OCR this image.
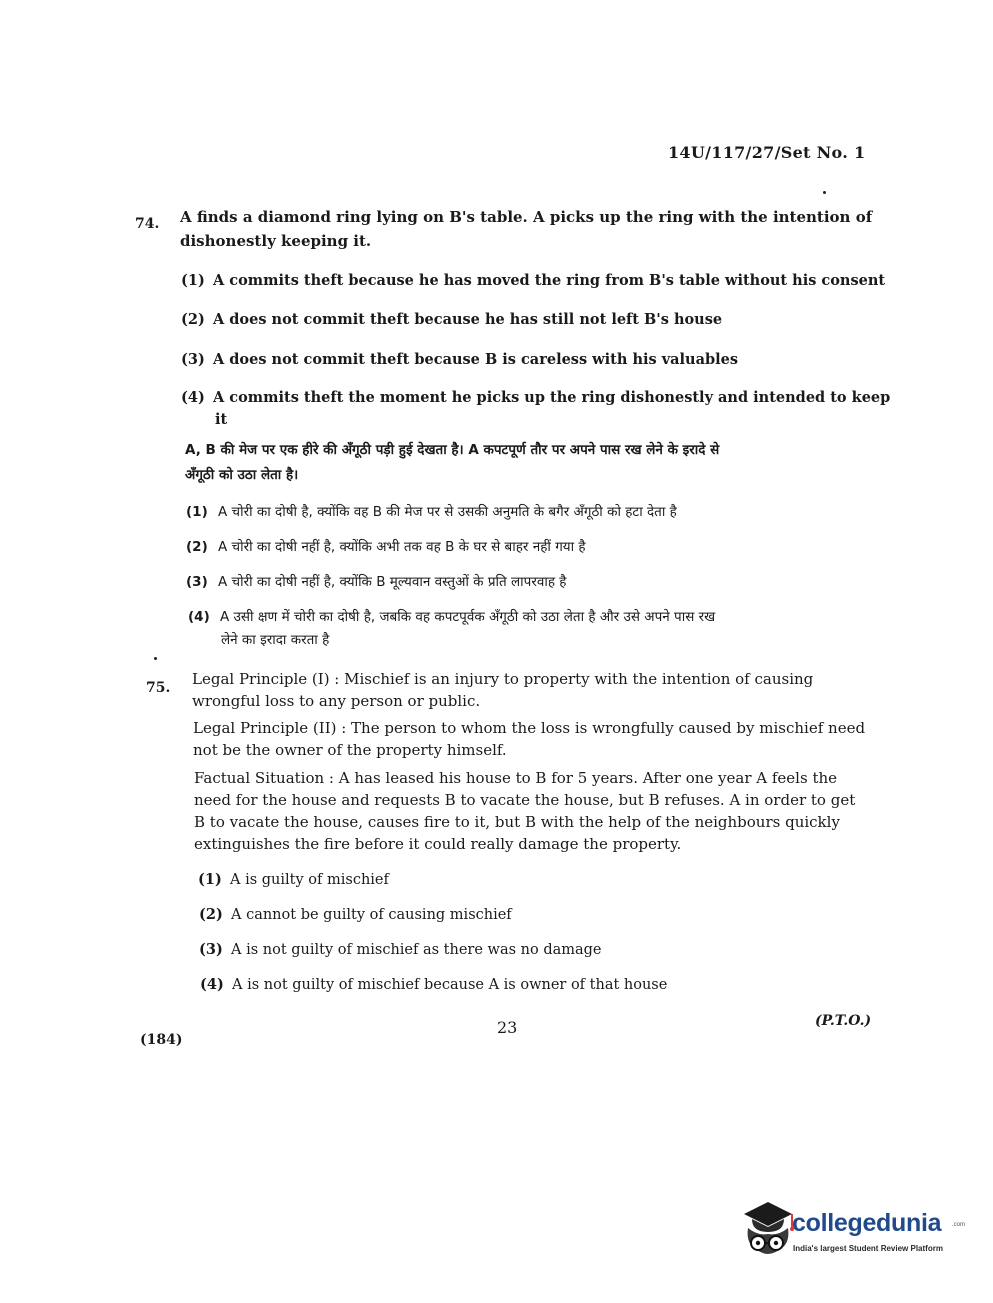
14U/117/27/Set No. 1
74. A finds a diamond ring lying on B's table. A picks up the ring with the intention of
dishonestly keeping it.
(1) A commits theft because he has moved the ring from B's table without his consent
(2) A does not commit theft because he has still not left B's house
(3) A does not commit theft because B is careless with his valuables
(4) A commits theft the moment he picks up the ring dishonestly and intended to keep
it
A, B की मेज पर एक हीरे की अँगूठी पड़ी हुई देखता है। A कपटपूर्ण तौर पर अपने पास रख लेने के इरादे से
अँगूठी को उठा लेता है।
(1) A चोरी का दोषी है, क्योंकि वह B की मेज पर से उसकी अनुमति के बगैर अँगूठी को हटा देता है
(2) A चोरी का दोषी नहीं है, क्योंकि अभी तक वह B के घर से बाहर नहीं गया है
(3) A चोरी का दोषी नहीं है, क्योंकि B मूल्यवान वस्तुओं के प्रति लापरवाह है
(4) A उसी क्षण में चोरी का दोषी है, जबकि वह कपटपूर्वक अँगूठी को उठा लेता है और उसे अपने पास रख
लेने का इरादा करता है
75. Legal Principle (I) : Mischief is an injury to property with the intention of causing
wrongful loss to any person or public.
Legal Principle (II) : The person to whom the loss is wrongfully caused by mischief need
not be the owner of the property himself.
Factual Situation : A has leased his house to B for 5 years. After one year A feels the
need for the house and requests B to vacate the house, but B refuses. A in order to get
B to vacate the house, causes fire to it, but B with the help of the neighbours quickly
extinguishes the fire before it could really damage the property.
(1) A is guilty of mischief
(2) A cannot be guilty of causing mischief
(3) A is not guilty of mischief as there was no damage
(4) A is not guilty of mischief because A is owner of that house
(184)
23	(P.T.O.)
collegedunia .com
India's largest Student Review Platform
